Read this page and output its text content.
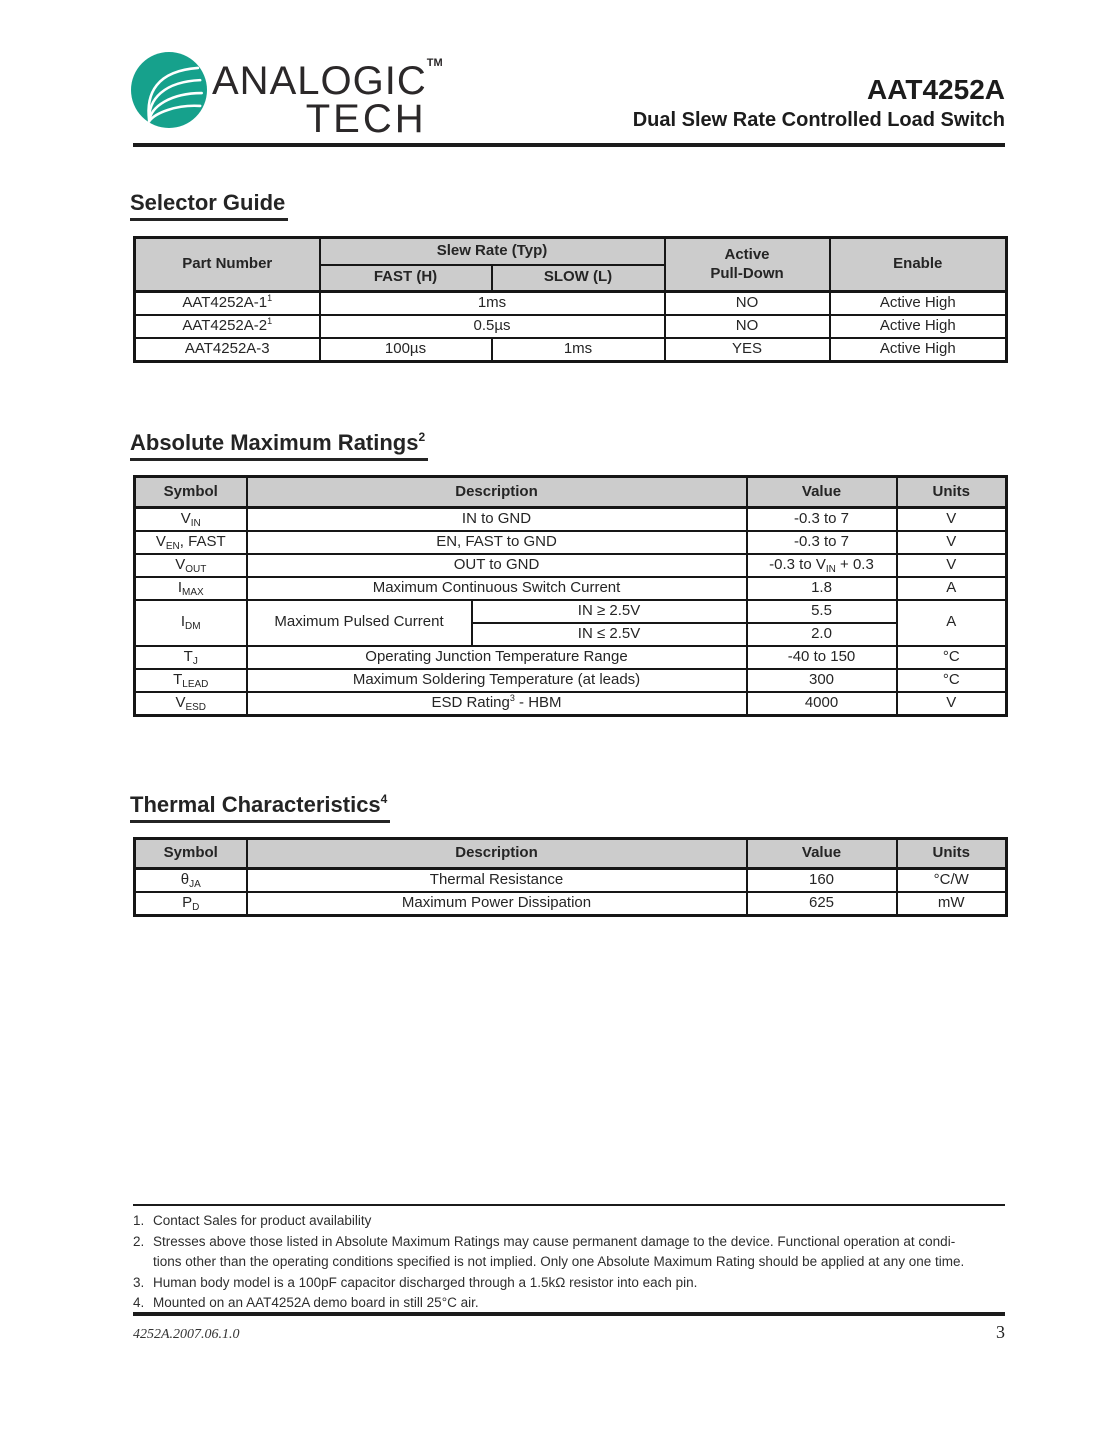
ANALOGIC™
TECH
AAT4252A
Dual Slew Rate Controlled Load Switch
Selector Guide
Part Number	Slew Rate (Typ)		Active
Pull-Down	Enable
	FAST (H)	SLOW (L)		
$AAT4252A-1^1$	1ms		NO	Active High
$AAT4252A-2^1$	0.5µs		NO	Active High
AAT4252A-3	100µs	1ms	YES	Active High
Absolute Maximum Ratings$^2$
Symbol	Description		Value	Units
$V_{IN}$	IN to GND		-0.3 to 7	V
$V_{EN}$, FAST	EN, FAST to GND		-0.3 to 7	V
$V_{OUT}$	OUT to GND		-0.3 to $V_{IN} + 0.3$	V
$I_{MAX}$	Maximum Continuous Switch Current		1.8	A
$I_{DM}$	Maximum Pulsed Current	IN ≥ 2.5V	5.5	A
		IN ≤ 2.5V	2.0	
$T_J$	Operating Junction Temperature Range		-40 to 150	°C
$T_{LEAD}$	Maximum Soldering Temperature (at leads)		300	°C
$V_{ESD}$	ESD Rating$^3$ - HBM		4000	V
Thermal Characteristics$^4$
Symbol	Description	Value	Units
$\theta_{JA}$	Thermal Resistance	160	°C/W
$P_D$	Maximum Power Dissipation	625	mW
1. Contact Sales for product availability
2. Stresses above those listed in Absolute Maximum Ratings may cause permanent damage to the device. Functional operation at condi-
tions other than the operating conditions specified is not implied. Only one Absolute Maximum Rating should be applied at any one time.
3. Human body model is a 100pF capacitor discharged through a 1.5kΩ resistor into each pin.
4. Mounted on an AAT4252A demo board in still 25°C air.
4252A.2007.06.1.0	3
